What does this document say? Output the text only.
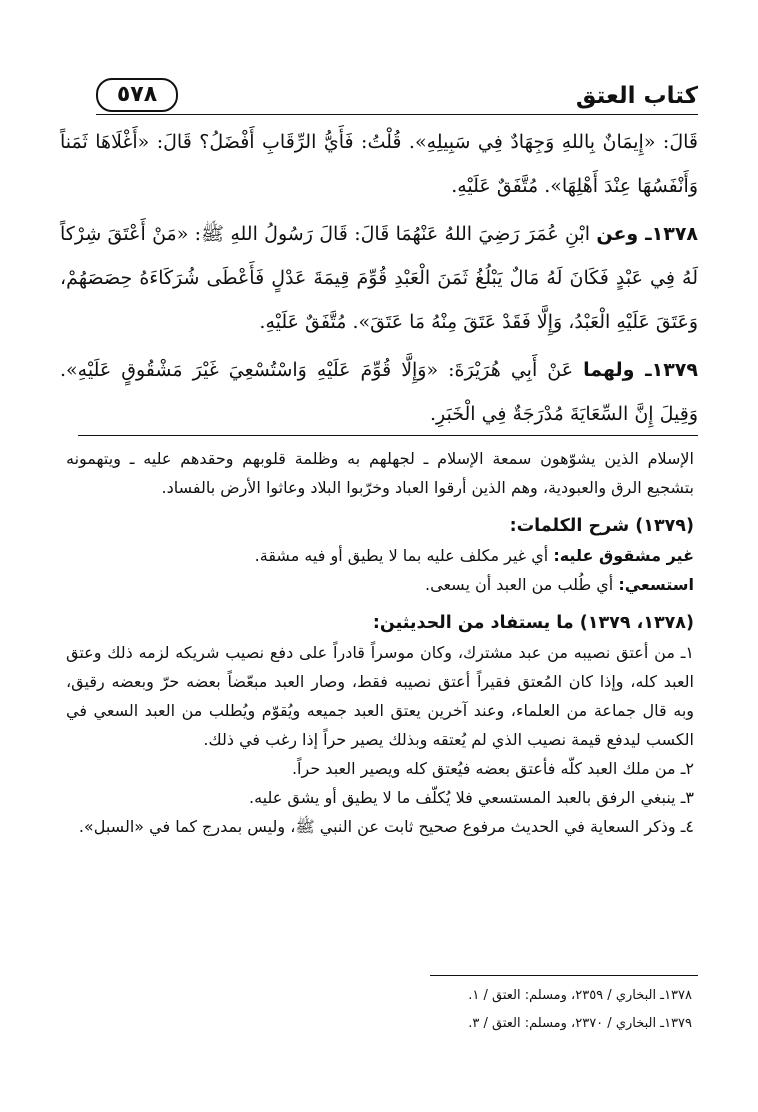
كتاب العتق
٥٧٨

قَالَ: «إِيمَانٌ بِاللهِ وَجِهَادٌ فِي سَبِيلِهِ». قُلْتُ: فَأَيُّ الرِّقَابِ أَفْضَلُ؟ قَالَ: «أَغْلَاهَا ثَمَناً وَأَنْفَسُهَا عِنْدَ أَهْلِهَا». مُتَّفَقٌ عَلَيْهِ.

١٣٧٨ـ وعن ابْنِ عُمَرَ رَضِيَ اللهُ عَنْهُمَا قَالَ: قَالَ رَسُولُ اللهِ ﷺ: «مَنْ أَعْتَقَ شِرْكاً لَهُ فِي عَبْدٍ فَكَانَ لَهُ مَالٌ يَبْلُغُ ثَمَنَ الْعَبْدِ قُوِّمَ قِيمَةَ عَدْلٍ فَأَعْطَى شُرَكَاءَهُ حِصَصَهُمْ، وَعَتَقَ عَلَيْهِ الْعَبْدُ، وَإِلَّا فَقَدْ عَتَقَ مِنْهُ مَا عَتَقَ». مُتَّفَقٌ عَلَيْهِ.

١٣٧٩ـ ولهما عَنْ أَبِي هُرَيْرَةَ: «وَإِلَّا قُوِّمَ عَلَيْهِ وَاسْتُسْعِيَ غَيْرَ مَشْقُوقٍ عَلَيْهِ». وَقِيلَ إِنَّ السِّعَايَةَ مُدْرَجَةٌ فِي الْخَبَرِ.

الإسلام الذين يشوّهون سمعة الإسلام ـ لجهلهم به وظلمة قلوبهم وحقدهم عليه ـ ويتهمونه بتشجيع الرق والعبودية، وهم الذين أرقوا العباد وخرّبوا البلاد وعاثوا الأرض بالفساد.

(١٣٧٩) شرح الكلمات:

غير مشقوق عليه: أي غير مكلف عليه بما لا يطيق أو فيه مشقة.

استسعي: أي طُلب من العبد أن يسعى.

(١٣٧٨، ١٣٧٩) ما يستفاد من الحديثين:

١ـ من أعتق نصيبه من عبد مشترك، وكان موسراً قادراً على دفع نصيب شريكه لزمه ذلك وعتق العبد كله، وإذا كان المُعتق فقيراً أعتق نصيبه فقط، وصار العبد مبعّضاً بعضه حرّ وبعضه رقيق، وبه قال جماعة من العلماء، وعند آخرين يعتق العبد جميعه ويُقوّم ويُطلب من العبد السعي في الكسب ليدفع قيمة نصيب الذي لم يُعتقه وبذلك يصير حراً إذا رغب في ذلك.

٢ـ من ملك العبد كلّه فأعتق بعضه فيُعتق كله ويصير العبد حراً.

٣ـ ينبغي الرفق بالعبد المستسعي فلا يُكلّف ما لا يطيق أو يشق عليه.

٤ـ وذكر السعاية في الحديث مرفوع صحيح ثابت عن النبي ﷺ، وليس بمدرج كما في «السبل».

١٣٧٨ـ البخاري / ٢٣٥٩، ومسلم: العتق / ١.

١٣٧٩ـ البخاري / ٢٣٧٠، ومسلم: العتق / ٣.
